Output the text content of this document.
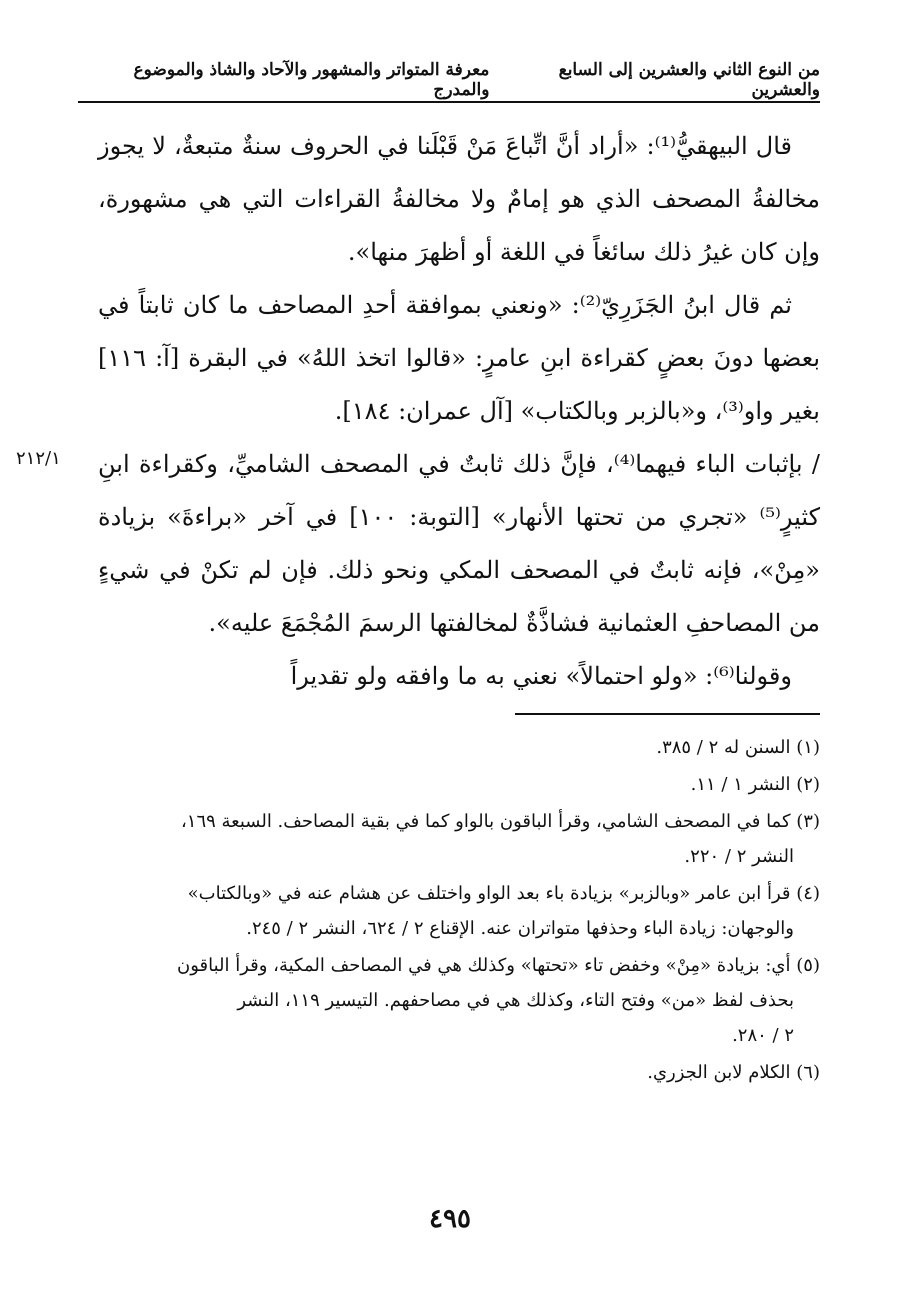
من النوع الثاني والعشرين إلى السابع والعشرين
معرفة المتواتر والمشهور والآحاد والشاذ والموضوع والمدرج

قال البيهقيُّ⁽¹⁾: «أراد أنَّ اتِّباعَ مَنْ قَبْلَنا في الحروف سنةٌ متبعةٌ، لا يجوز مخالفةُ المصحف الذي هو إمامٌ ولا مخالفةُ القراءات التي هي مشهورة، وإن كان غيرُ ذلك سائغاً في اللغة أو أظهرَ منها».

ثم قال ابنُ الجَزَرِيّ⁽²⁾: «ونعني بموافقة أحدِ المصاحف ما كان ثابتاً في بعضها دونَ بعضٍ كقراءة ابنِ عامرٍ: «قالوا اتخذ اللهُ» في البقرة [آ: ١١٦] بغير واو⁽³⁾، و«بالزبر وبالكتاب» [آل عمران: ١٨٤].

/ بإثبات الباء فيهما⁽⁴⁾، فإنَّ ذلك ثابتٌ في المصحف الشاميِّ، وكقراءة ابنِ كثيرٍ⁽⁵⁾ «تجري من تحتها الأنهار» [التوبة: ١٠٠] في آخر «براءةَ» بزيادة «مِنْ»، فإنه ثابتٌ في المصحف المكي ونحو ذلك. فإن لم تكنْ في شيءٍ من المصاحفِ العثمانية فشاذَّةٌ لمخالفتها الرسمَ المُجْمَعَ عليه».

وقولنا⁽⁶⁾: «ولو احتمالاً» نعني به ما وافقه ولو تقديراً

٢١٢/١

(١) السنن له ٢ / ٣٨٥.

(٢) النشر ١ / ١١.

(٣) كما في المصحف الشامي، وقرأ الباقون بالواو كما في بقية المصاحف. السبعة ١٦٩،
النشر ٢ / ٢٢٠.

(٤) قرأ ابن عامر «وبالزبر» بزيادة باء بعد الواو واختلف عن هشام عنه في «وبالكتاب»
والوجهان: زيادة الباء وحذفها متواتران عنه. الإقناع ٢ / ٦٢٤، النشر ٢ / ٢٤٥.

(٥) أي: بزيادة «مِنْ» وخفض تاء «تحتها» وكذلك هي في المصاحف المكية، وقرأ الباقون
بحذف لفظ «من» وفتح التاء، وكذلك هي في مصاحفهم. التيسير ١١٩، النشر
٢ / ٢٨٠.

(٦) الكلام لابن الجزري.

٤٩٥
